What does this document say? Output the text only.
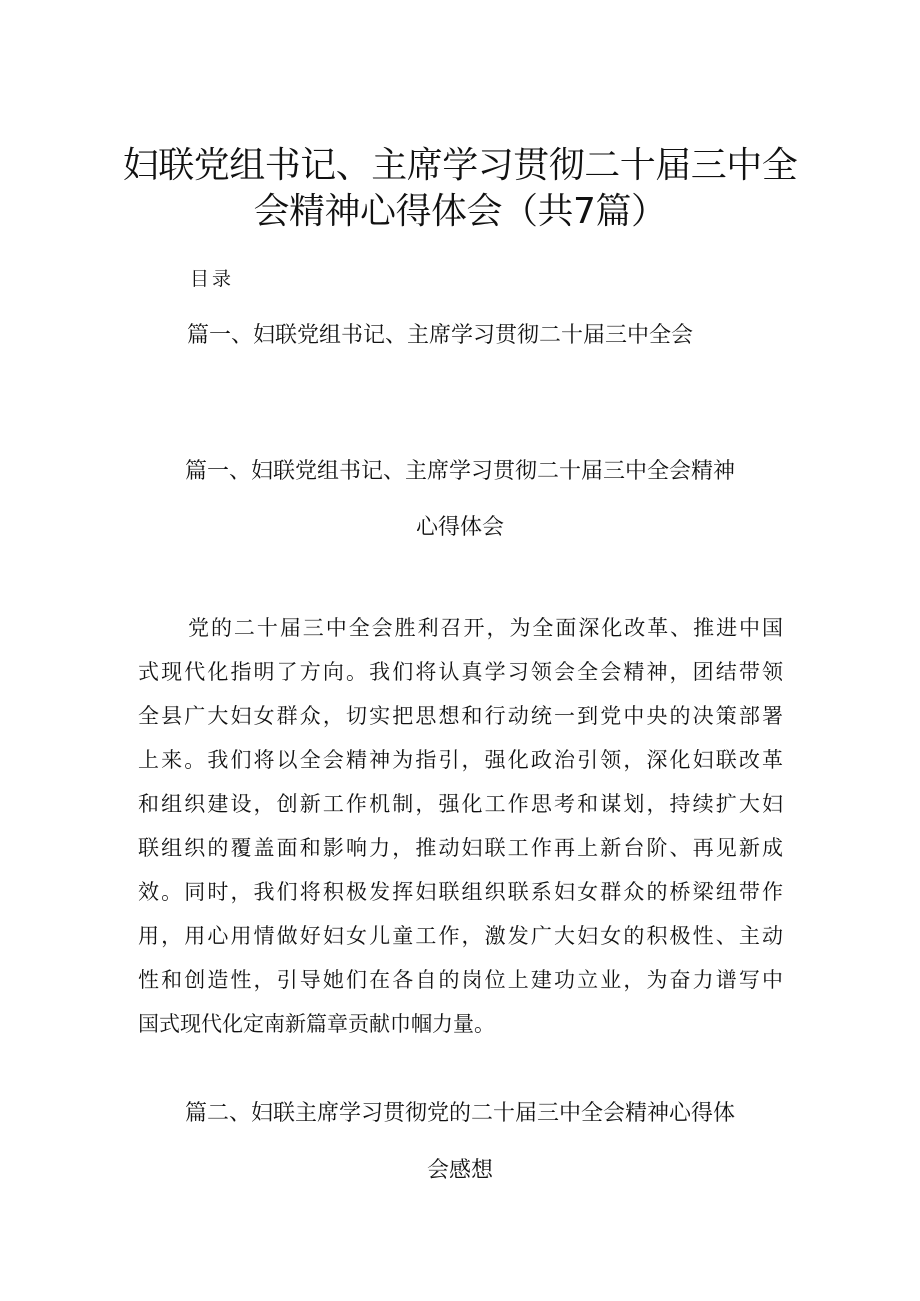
妇联党组书记、主席学习贯彻二十届三中全
会精神心得体会（共7篇）
目录
篇一、妇联党组书记、主席学习贯彻二十届三中全会
篇一、妇联党组书记、主席学习贯彻二十届三中全会精神
心得体会
党的二十届三中全会胜利召开，为全面深化改革、推进中国
式现代化指明了方向。我们将认真学习领会全会精神，团结带领
全县广大妇女群众，切实把思想和行动统一到党中央的决策部署
上来。我们将以全会精神为指引，强化政治引领，深化妇联改革
和组织建设，创新工作机制，强化工作思考和谋划，持续扩大妇
联组织的覆盖面和影响力，推动妇联工作再上新台阶、再见新成
效。同时，我们将积极发挥妇联组织联系妇女群众的桥梁纽带作
用，用心用情做好妇女儿童工作，激发广大妇女的积极性、主动
性和创造性，引导她们在各自的岗位上建功立业，为奋力谱写中
国式现代化定南新篇章贡献巾帼力量。
篇二、妇联主席学习贯彻党的二十届三中全会精神心得体
会感想
